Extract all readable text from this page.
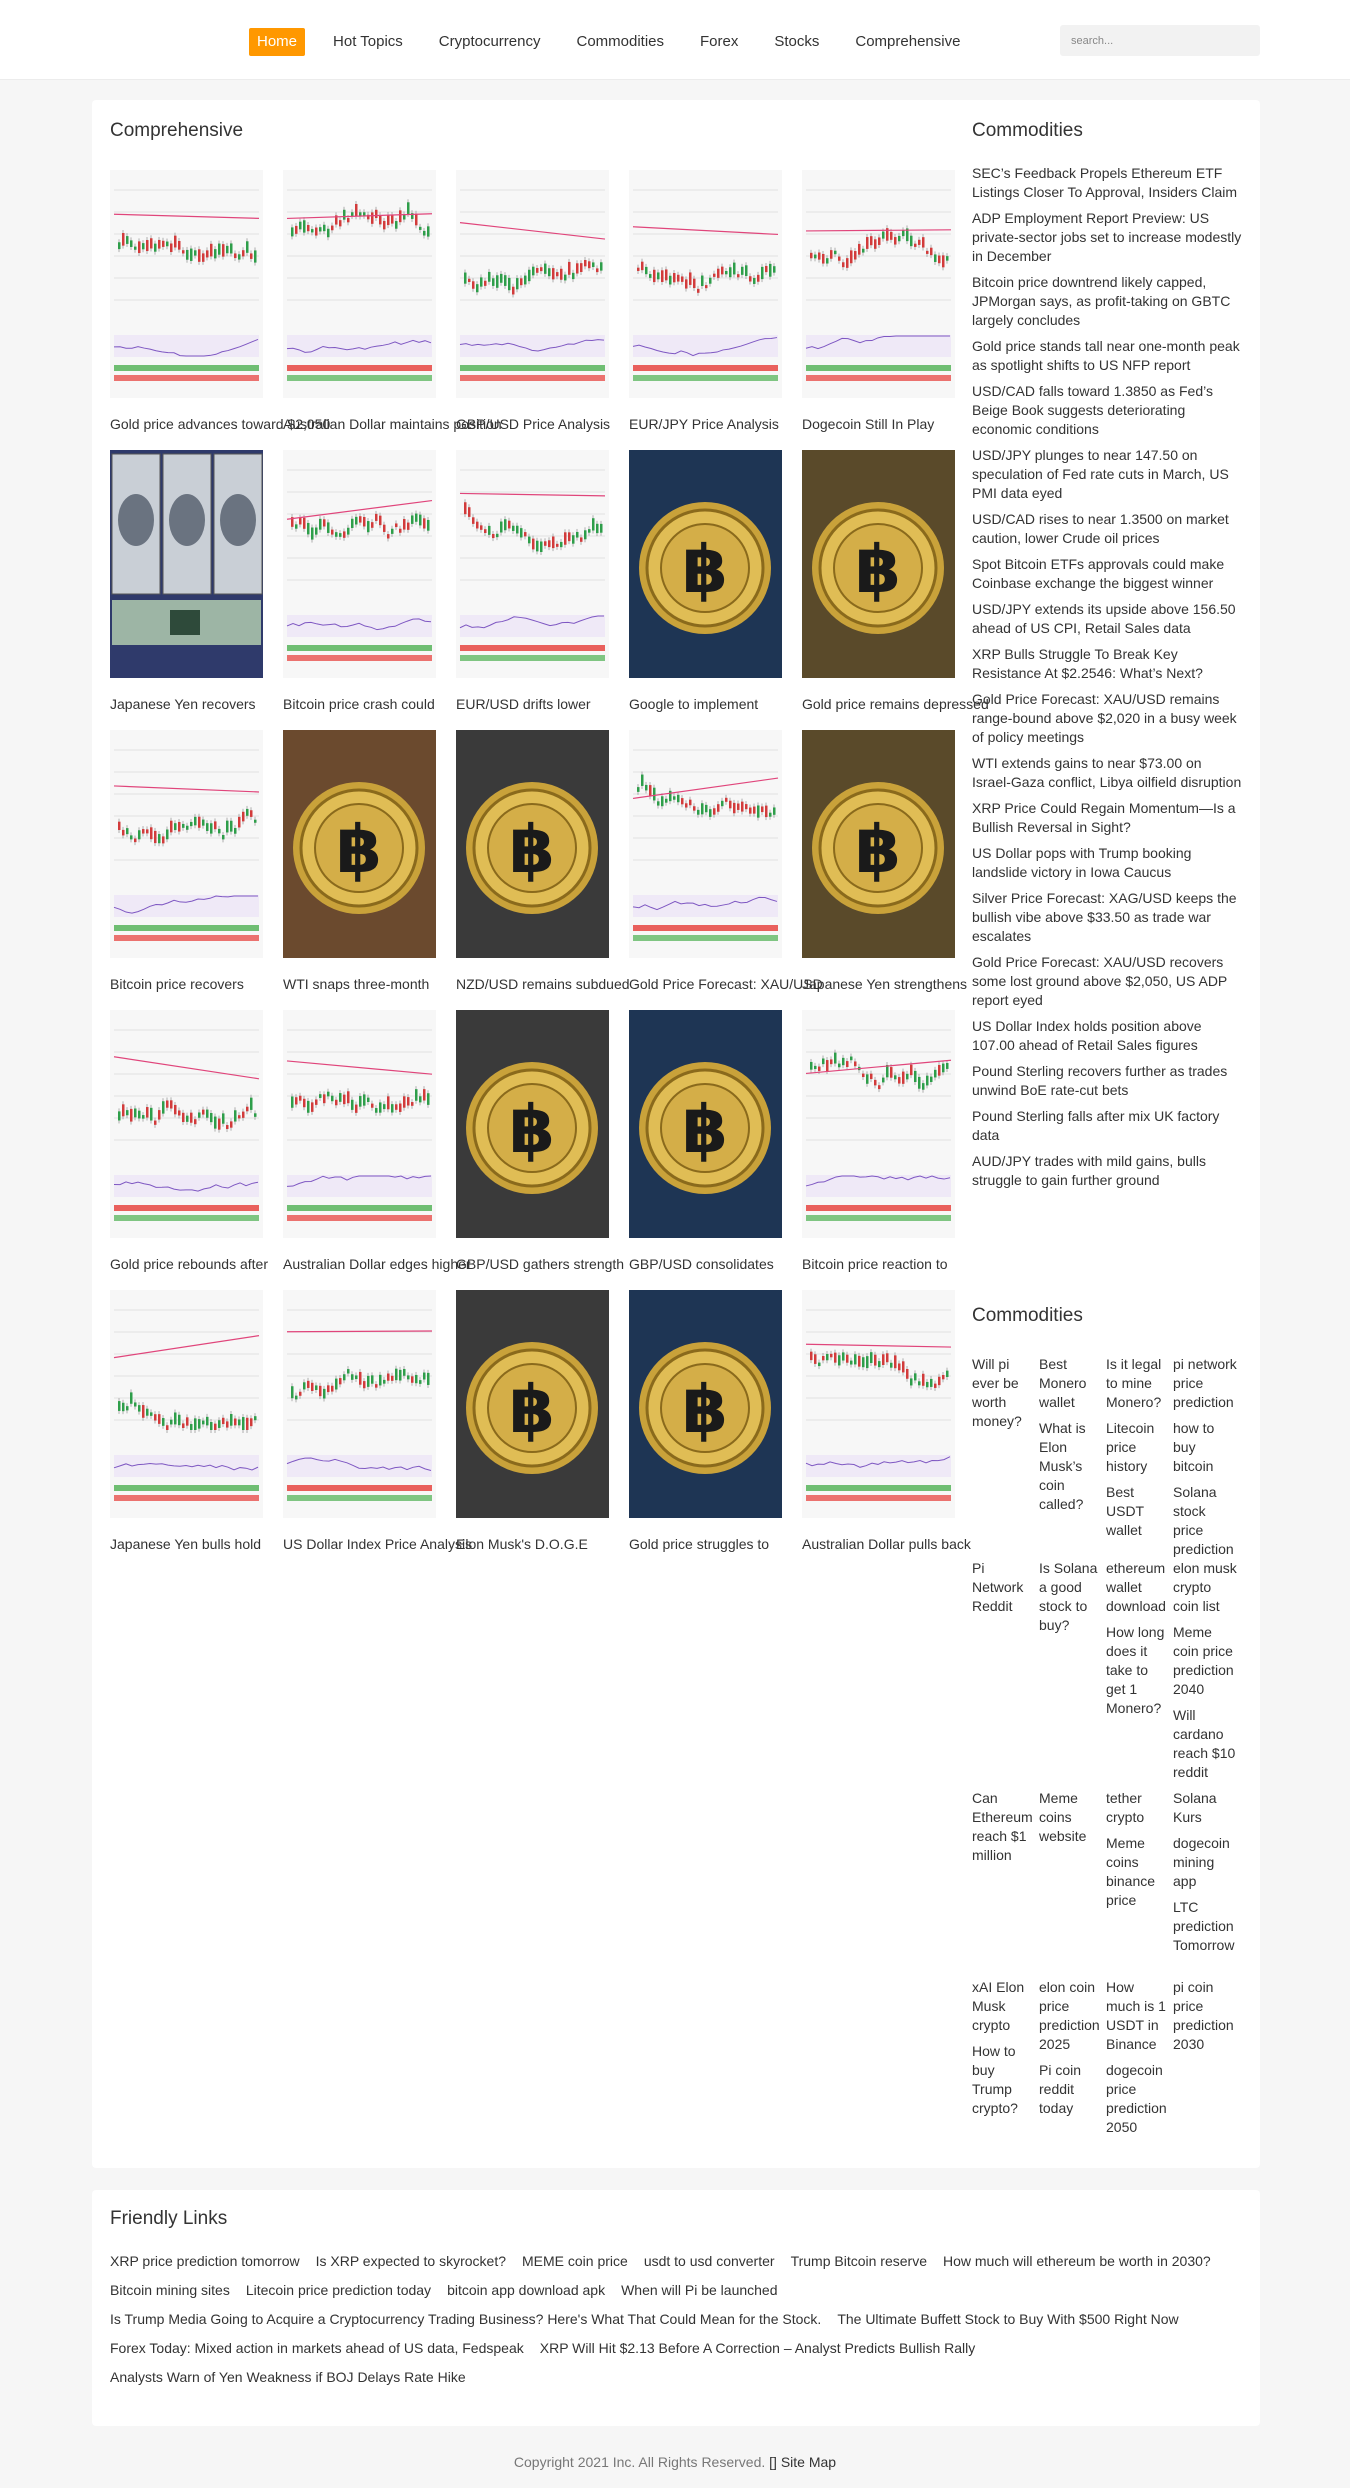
Home	Hot Topics	Cryptocurrency	Commodities	Forex	Stocks	Comprehensive
search...
Comprehensive
Gold price advances toward $2,050
Australian Dollar maintains position
GBP/USD Price Analysis EUR/JPY Price Analysis Dogecoin Still In Play
Japanese Yen recovers	Bitcoin price crash could EUR/USD drifts lower
฿
Google to implement
฿
Gold price remains depressed
Bitcoin price recovers
฿
WTI snaps three-month
฿
NZD/USD remains subdued Gold Price Forecast: XAU/USD
฿
Japanese Yen strengthens
Gold price rebounds after Australian Dollar edges higher
฿
GBP/USD gathers strength
฿
GBP/USD consolidates	Bitcoin price reaction to
Japanese Yen bulls hold US Dollar Index Price Analysis
฿
Elon Musk's D.O.G.E
฿
Gold price struggles to	Australian Dollar pulls back
Commodities
SEC’s Feedback Propels Ethereum ETF Listings Closer To Approval, Insiders Claim
ADP Employment Report Preview: US private-sector jobs set to increase modestly in December
Bitcoin price downtrend likely capped, JPMorgan says, as profit-taking on GBTC largely concludes
Gold price stands tall near one-month peak as spotlight shifts to US NFP report
USD/CAD falls toward 1.3850 as Fed’s Beige Book suggests deteriorating economic conditions
USD/JPY plunges to near 147.50 on speculation of Fed rate cuts in March, US PMI data eyed
USD/CAD rises to near 1.3500 on market caution, lower Crude oil prices
Spot Bitcoin ETFs approvals could make Coinbase exchange the biggest winner
USD/JPY extends its upside above 156.50 ahead of US CPI, Retail Sales data
XRP Bulls Struggle To Break Key Resistance At $2.2546: What’s Next?
Gold Price Forecast: XAU/USD remains range-bound above $2,020 in a busy week of policy meetings
WTI extends gains to near $73.00 on Israel-Gaza conflict, Libya oilfield disruption
XRP Price Could Regain Momentum—Is a Bullish Reversal in Sight?
US Dollar pops with Trump booking landslide victory in Iowa Caucus
Silver Price Forecast: XAG/USD keeps the bullish vibe above $33.50 as trade war escalates
Gold Price Forecast: XAU/USD recovers some lost ground above $2,050, US ADP report eyed
US Dollar Index holds position above 107.00 ahead of Retail Sales figures
Pound Sterling recovers further as trades unwind BoE rate-cut bets
Pound Sterling falls after mix UK factory data
AUD/JPY trades with mild gains, bulls struggle to gain further ground
Commodities
Will pi ever be worth money?
Best Monero wallet
What is Elon Musk’s coin called?
Is it legal to mine Monero?
Litecoin price history
Best USDT wallet
pi network price prediction
how to buy bitcoin
Solana stock price prediction
Pi Network Reddit
Is Solana a good stock to buy?
ethereum wallet download
How long does it take to get 1 Monero?
elon musk crypto coin list
Meme coin price prediction 2040
Will cardano reach $10 reddit
Can Ethereum reach $1 million
Meme coins website
tether crypto
Meme coins binance price
Solana Kurs
dogecoin mining app
LTC prediction Tomorrow
xAI Elon Musk crypto
How to buy Trump crypto?
elon coin price prediction 2025
Pi coin reddit today
How much is 1 USDT in Binance
dogecoin price prediction 2050
pi coin price prediction 2030
Friendly Links
XRP price prediction tomorrow Is XRP expected to skyrocket? MEME coin price usdt to usd converter Trump Bitcoin reserve How much will ethereum be worth in 2030?Bitcoin mining sites Litecoin price prediction today bitcoin app download apk When will Pi be launchedIs Trump Media Going to Acquire a Cryptocurrency Trading Business? Here's What That Could Mean for the Stock. The Ultimate Buffett Stock to Buy With $500 Right NowForex Today: Mixed action in markets ahead of US data, Fedspeak XRP Will Hit $2.13 Before A Correction – Analyst Predicts Bullish RallyAnalysts Warn of Yen Weakness if BOJ Delays Rate Hike
Copyright 2021 Inc. All Rights Reserved. [] Site Map
